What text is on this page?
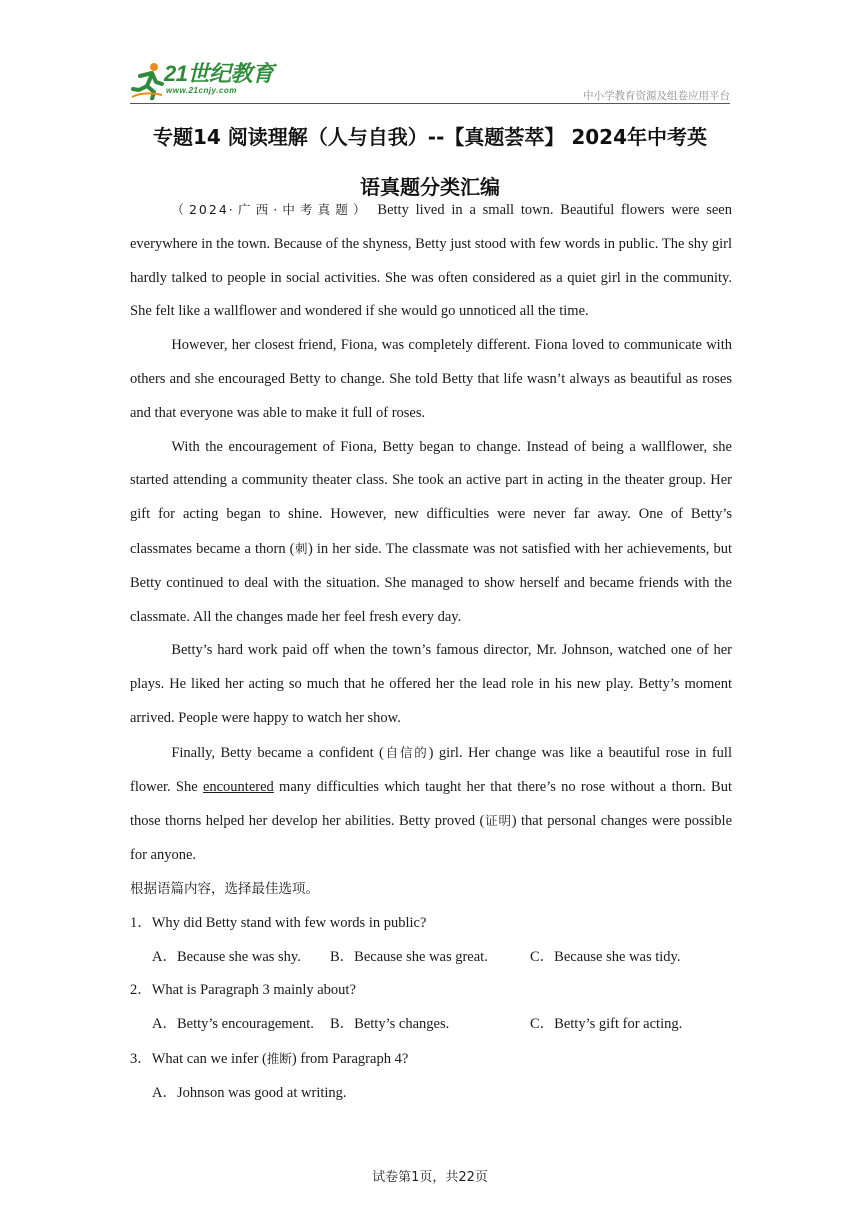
21世纪教育
www.21cnjy.com	中小学教育资源及组卷应用平台
专题14 阅读理解（人与自我）--【真题荟萃】 2024年中考英
语真题分类汇编

（2024·广西·中考真题） Betty lived in a small town. Beautiful flowers were seen everywhere in the town. Because of the shyness, Betty just stood with few words in public. The shy girl hardly talked to people in social activities. She was often considered as a quiet girl in the community. She felt like a wallflower and wondered if she would go unnoticed all the time.

However, her closest friend, Fiona, was completely different. Fiona loved to communicate with others and she encouraged Betty to change. She told Betty that life wasn’t always as beautiful as roses and that everyone was able to make it full of roses.

With the encouragement of Fiona, Betty began to change. Instead of being a wallflower, she started attending a community theater class. She took an active part in acting in the theater group. Her gift for acting began to shine. However, new difficulties were never far away. One of Betty’s classmates became a thorn (刺) in her side. The classmate was not satisfied with her achievements, but Betty continued to deal with the situation. She managed to show herself and became friends with the classmate. All the changes made her feel fresh every day.

Betty’s hard work paid off when the town’s famous director, Mr. Johnson, watched one of her plays. He liked her acting so much that he offered her the lead role in his new play. Betty’s moment arrived. People were happy to watch her show.

Finally, Betty became a confident (自信的) girl. Her change was like a beautiful rose in full flower. She encountered many difficulties which taught her that there’s no rose without a thorn. But those thorns helped her develop her abilities. Betty proved (证明) that personal changes were possible for anyone.

根据语篇内容，选择最佳选项。

1．Why did Betty stand with few words in public?

A．Because she was shy. B．Because she was great.	C．Because she was tidy.

2．What is Paragraph 3 mainly about?

A．Betty’s encouragement. B．Betty’s changes.	C．Betty’s gift for acting.

3．What can we infer (推断) from Paragraph 4?

A．Johnson was good at writing.

试卷第1页，共22页
